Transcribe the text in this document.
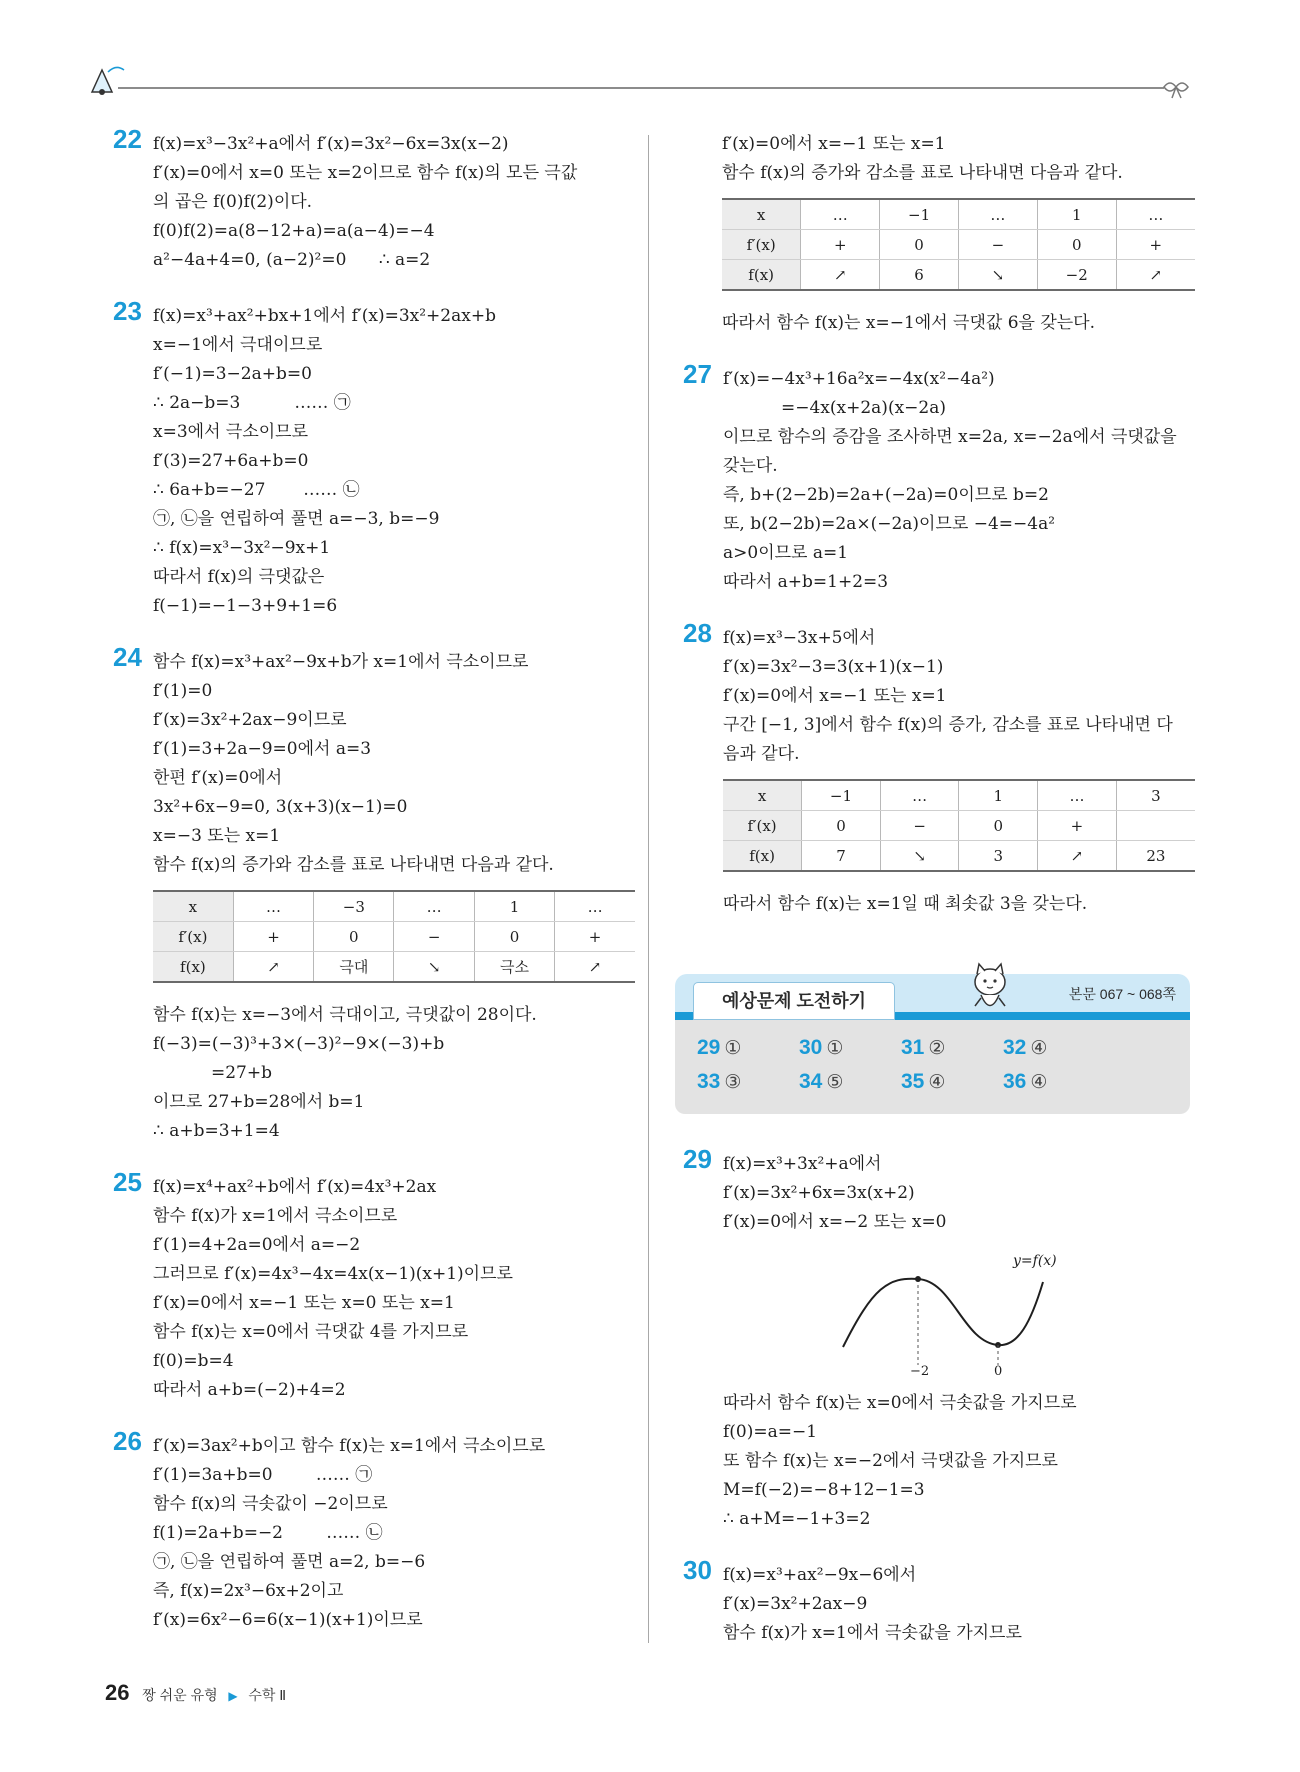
22 f(x)=x³−3x²+a에서 f′(x)=3x²−6x=3x(x−2)
f′(x)=0에서 x=0 또는 x=2이므로 함수 f(x)의 모든 극값
의 곱은 f(0)f(2)이다.
f(0)f(2)=a(8−12+a)=a(a−4)=−4
a²−4a+4=0, (a−2)²=0      ∴ a=2
23 f(x)=x³+ax²+bx+1에서 f′(x)=3x²+2ax+b
x=−1에서 극대이므로
f′(−1)=3−2a+b=0
∴ 2a−b=3          …… ㉠
x=3에서 극소이므로
f′(3)=27+6a+b=0
∴ 6a+b=−27       …… ㉡
㉠, ㉡을 연립하여 풀면 a=−3, b=−9
∴ f(x)=x³−3x²−9x+1
따라서 f(x)의 극댓값은
f(−1)=−1−3+9+1=6
24 함수 f(x)=x³+ax²−9x+b가 x=1에서 극소이므로
f′(1)=0
f′(x)=3x²+2ax−9이므로
f′(1)=3+2a−9=0에서 a=3
한편 f′(x)=0에서
3x²+6x−9=0, 3(x+3)(x−1)=0
x=−3 또는 x=1
함수 f(x)의 증가와 감소를 표로 나타내면 다음과 같다.
x	…	−3	…	1	…
f′(x)	+	0	−	0	+
f(x)	↗	극대	↘	극소	↗
함수 f(x)는 x=−3에서 극대이고, 극댓값이 28이다.
f(−3)=(−3)³+3×(−3)²−9×(−3)+b
=27+b
이므로 27+b=28에서 b=1
∴ a+b=3+1=4
25 f(x)=x⁴+ax²+b에서 f′(x)=4x³+2ax
함수 f(x)가 x=1에서 극소이므로
f′(1)=4+2a=0에서 a=−2
그러므로 f′(x)=4x³−4x=4x(x−1)(x+1)이므로
f′(x)=0에서 x=−1 또는 x=0 또는 x=1
함수 f(x)는 x=0에서 극댓값 4를 가지므로
f(0)=b=4
따라서 a+b=(−2)+4=2
26 f′(x)=3ax²+b이고 함수 f(x)는 x=1에서 극소이므로
f′(1)=3a+b=0        …… ㉠
함수 f(x)의 극솟값이 −2이므로
f(1)=2a+b=−2        …… ㉡
㉠, ㉡을 연립하여 풀면 a=2, b=−6
즉, f(x)=2x³−6x+2이고
f′(x)=6x²−6=6(x−1)(x+1)이므로
f′(x)=0에서 x=−1 또는 x=1
함수 f(x)의 증가와 감소를 표로 나타내면 다음과 같다.
x	…	−1	…	1	…
f′(x)	+	0	−	0	+
f(x)	↗	6	↘	−2	↗
따라서 함수 f(x)는 x=−1에서 극댓값 6을 갖는다.
27 f′(x)=−4x³+16a²x=−4x(x²−4a²)
=−4x(x+2a)(x−2a)
이므로 함수의 증감을 조사하면 x=2a, x=−2a에서 극댓값을
갖는다.
즉, b+(2−2b)=2a+(−2a)=0이므로 b=2
또, b(2−2b)=2a×(−2a)이므로 −4=−4a²
a>0이므로 a=1
따라서 a+b=1+2=3
28 f(x)=x³−3x+5에서
f′(x)=3x²−3=3(x+1)(x−1)
f′(x)=0에서 x=−1 또는 x=1
구간 [−1, 3]에서 함수 f(x)의 증가, 감소를 표로 나타내면 다
음과 같다.
x	−1	…	1	…	3
f′(x)	0	−	0	+	
f(x)	7	↘	3	↗	23
따라서 함수 f(x)는 x=1일 때 최솟값 3을 갖는다.
예상문제 도전하기	본문 067 ~ 068쪽
29 ①	30 ①	31 ②	32 ④
33 ③	34 ⑤	35 ④	36 ④
29 f(x)=x³+3x²+a에서
f′(x)=3x²+6x=3x(x+2)
f′(x)=0에서 x=−2 또는 x=0
y=f(x)
−2	0
따라서 함수 f(x)는 x=0에서 극솟값을 가지므로
f(0)=a=−1
또 함수 f(x)는 x=−2에서 극댓값을 가지므로
M=f(−2)=−8+12−1=3
∴ a+M=−1+3=2
30 f(x)=x³+ax²−9x−6에서
f′(x)=3x²+2ax−9
함수 f(x)가 x=1에서 극솟값을 가지므로
26 짱 쉬운 유형 ▶ 수학 Ⅱ
